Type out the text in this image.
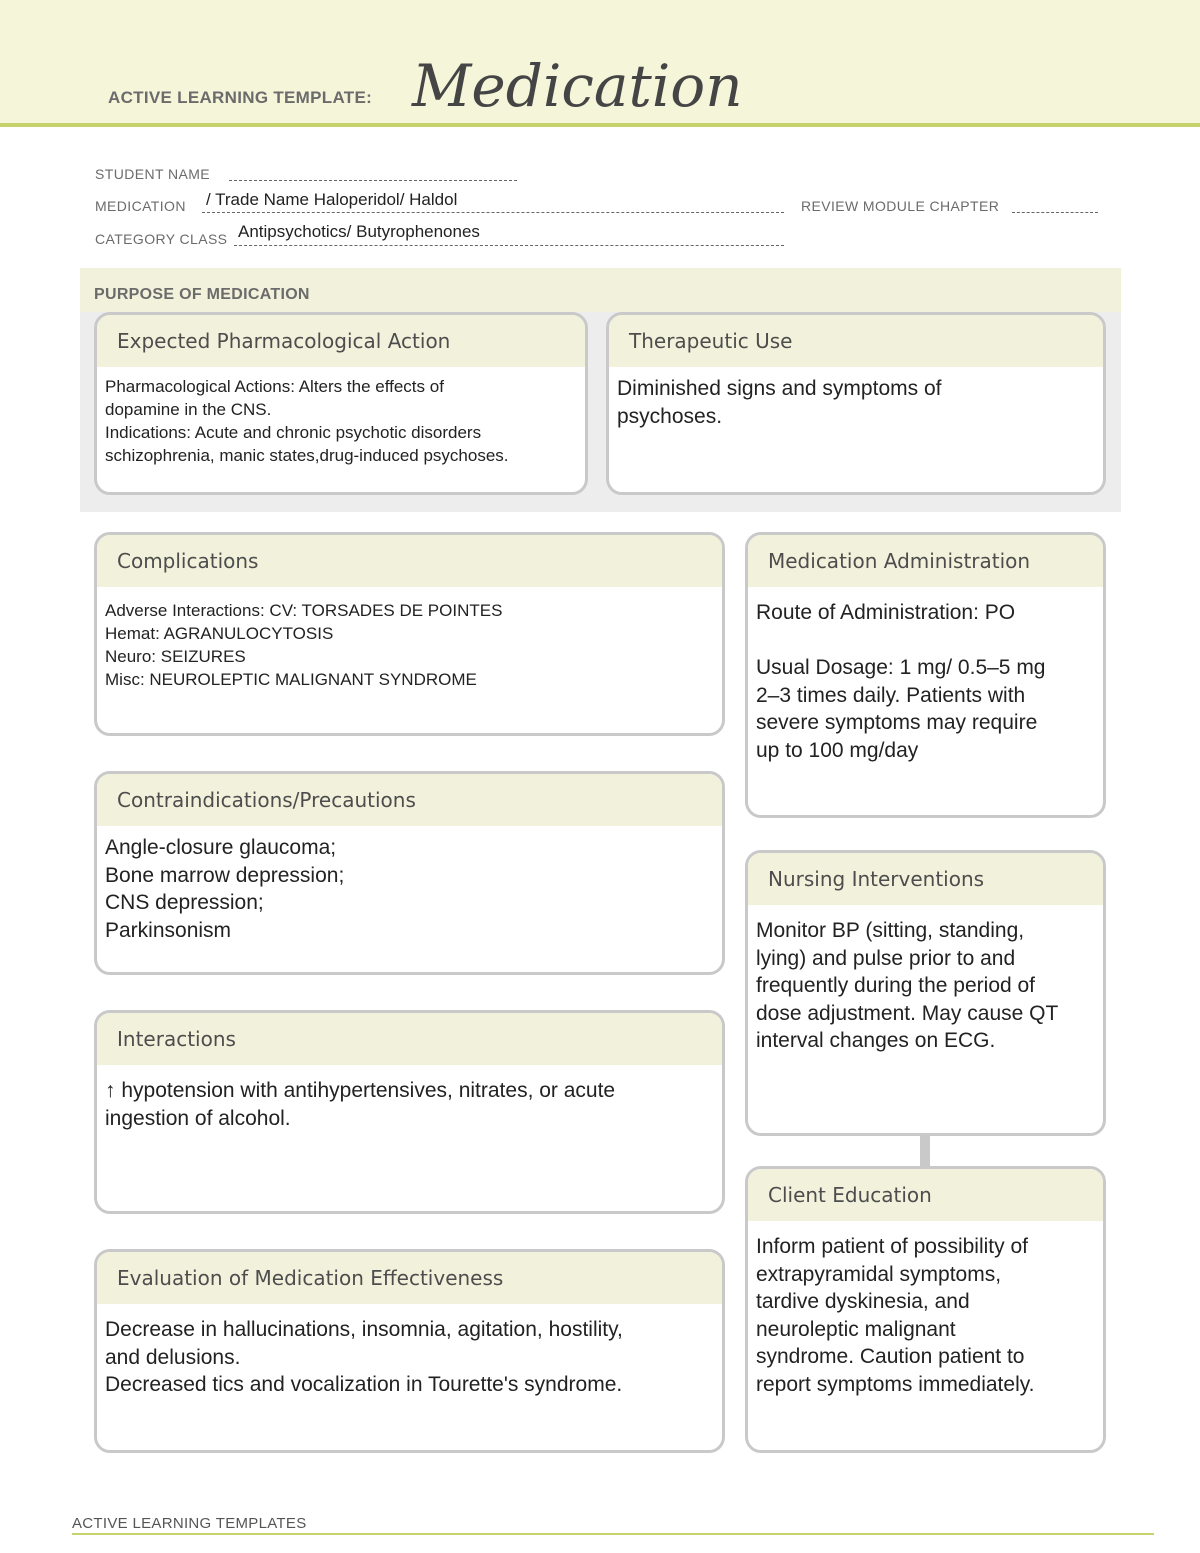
ACTIVE LEARNING TEMPLATE: Medication
STUDENT NAME
MEDICATION / Trade Name Haloperidol/ Haldol	REVIEW MODULE CHAPTER
CATEGORY CLASS Antipsychotics/ Butyrophenones
PURPOSE OF MEDICATION
Expected Pharmacological Action
Pharmacological Actions: Alters the effects of
dopamine in the CNS.
Indications: Acute and chronic psychotic disorders
schizophrenia, manic states,drug-induced psychoses.
Therapeutic Use
Diminished signs and symptoms of
psychoses.
Complications
Adverse Interactions: CV: TORSADES DE POINTES
Hemat: AGRANULOCYTOSIS
Neuro: SEIZURES
Misc: NEUROLEPTIC MALIGNANT SYNDROME
Contraindications/Precautions
Angle-closure glaucoma;
Bone marrow depression;
CNS depression;
Parkinsonism
Interactions
↑ hypotension with antihypertensives, nitrates, or acute
ingestion of alcohol.
Evaluation of Medication Effectiveness
Decrease in hallucinations, insomnia, agitation, hostility,
and delusions.
Decreased tics and vocalization in Tourette's syndrome.
Medication Administration
Route of Administration: PO
Usual Dosage: 1 mg/ 0.5–5 mg
2–3 times daily. Patients with
severe symptoms may require
up to 100 mg/day
Nursing Interventions
Monitor BP (sitting, standing,
lying) and pulse prior to and
frequently during the period of
dose adjustment. May cause QT
interval changes on ECG.
Client Education
Inform patient of possibility of
extrapyramidal symptoms,
tardive dyskinesia, and
neuroleptic malignant
syndrome. Caution patient to
report symptoms immediately.
ACTIVE LEARNING TEMPLATES
